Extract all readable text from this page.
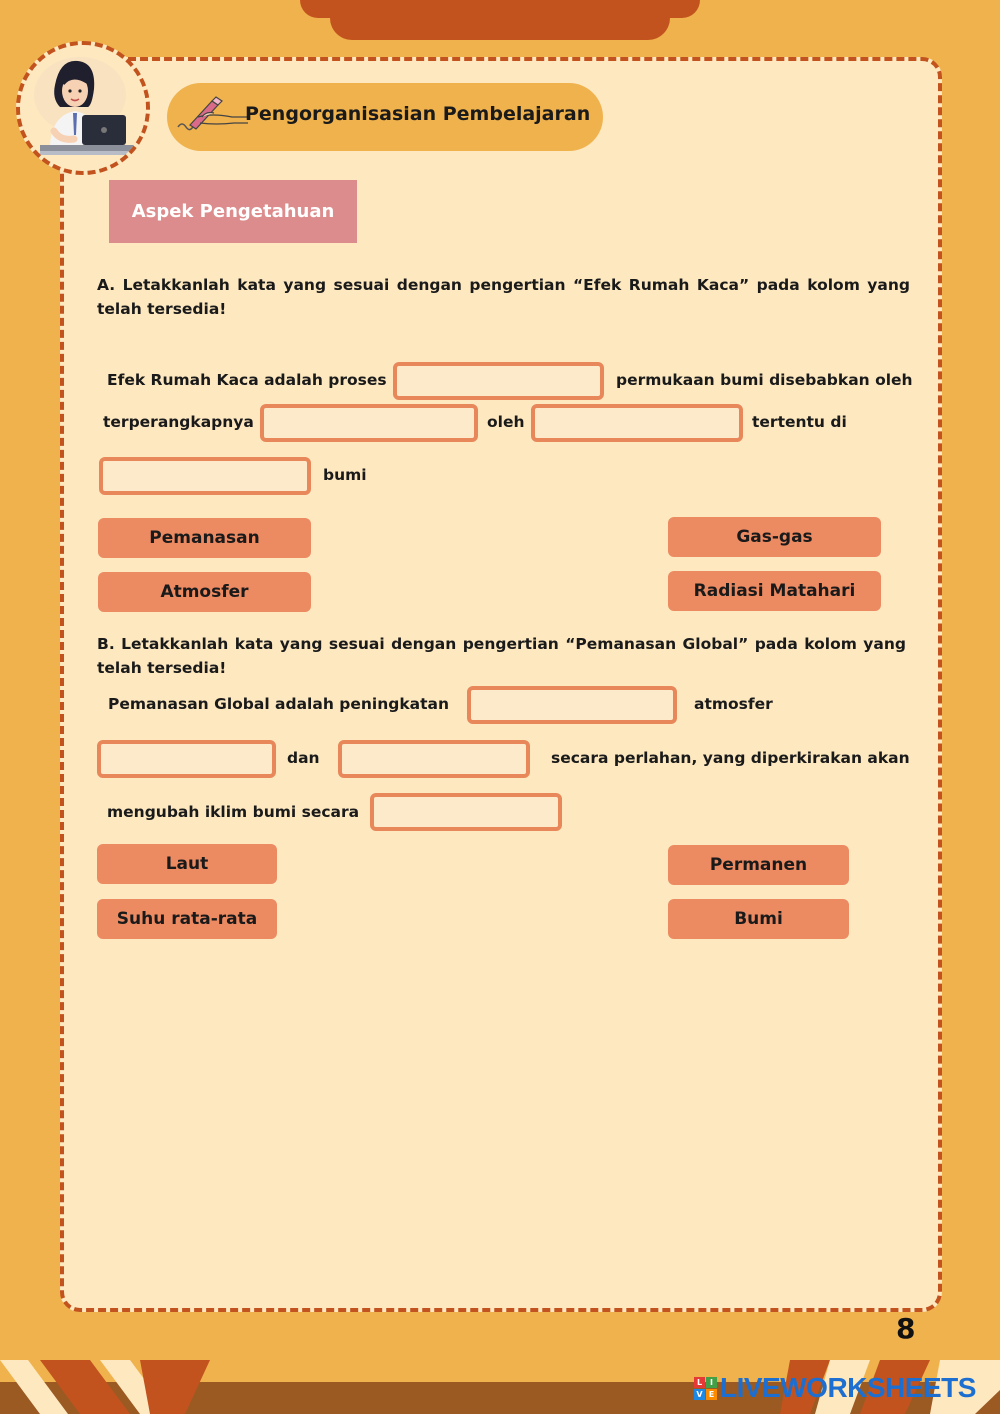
Pengorganisasian Pembelajaran
Aspek Pengetahuan
A. Letakkanlah kata yang sesuai dengan pengertian “Efek Rumah Kaca” pada kolom yang telah tersedia!
Efek Rumah Kaca adalah proses	permukaan bumi disebabkan oleh
terperangkapnya	oleh	tertentu di
bumi
Pemanasan	Gas-gas
Atmosfer	Radiasi Matahari
B. Letakkanlah kata yang sesuai dengan pengertian “Pemanasan Global” pada kolom yang telah tersedia!
Pemanasan Global adalah peningkatan	atmosfer
dan	secara perlahan, yang diperkirakan akan
mengubah iklim bumi secara
Laut	Permanen
Suhu rata-rata	Bumi
8
L I
V E LIVEWORKSHEETS
